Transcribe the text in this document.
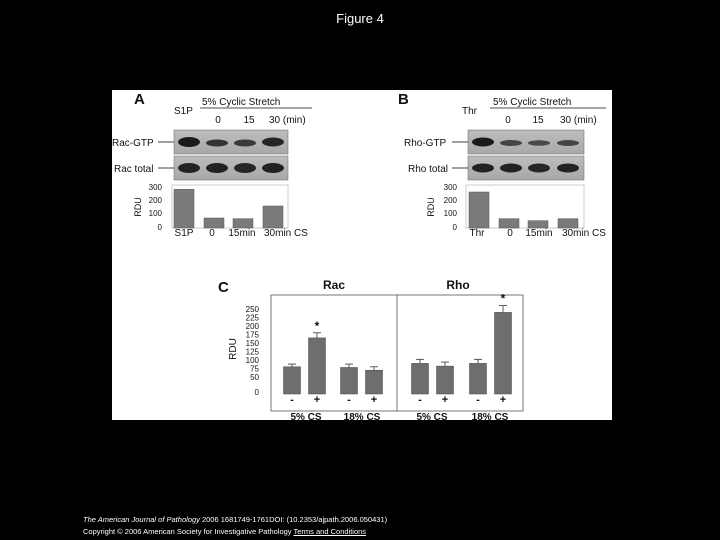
Figure 4
A
S1P
5% Cyclic Stretch
0 15 30 (min)
Rac-GTP
Rac total
RDU
300
200
100
0
S1P 0 15min 30min CS
B
Thr
5% Cyclic Stretch
0 15 30 (min)
Rho-GTP
Rho total
RDU
300
200
100
0
Thr 0 15min 30min CS
C	Rac	Rho
RDU
250
225
200
175
150
125
100
75
50
0
*
*
- + - +	- +	- +
5% CS 18% CS	5% CS 18% CS
The American Journal of Pathology 2006 1681749-1761DOI: (10.2353/ajpath.2006.050431)
Copyright © 2006 American Society for Investigative Pathology Terms and Conditions
